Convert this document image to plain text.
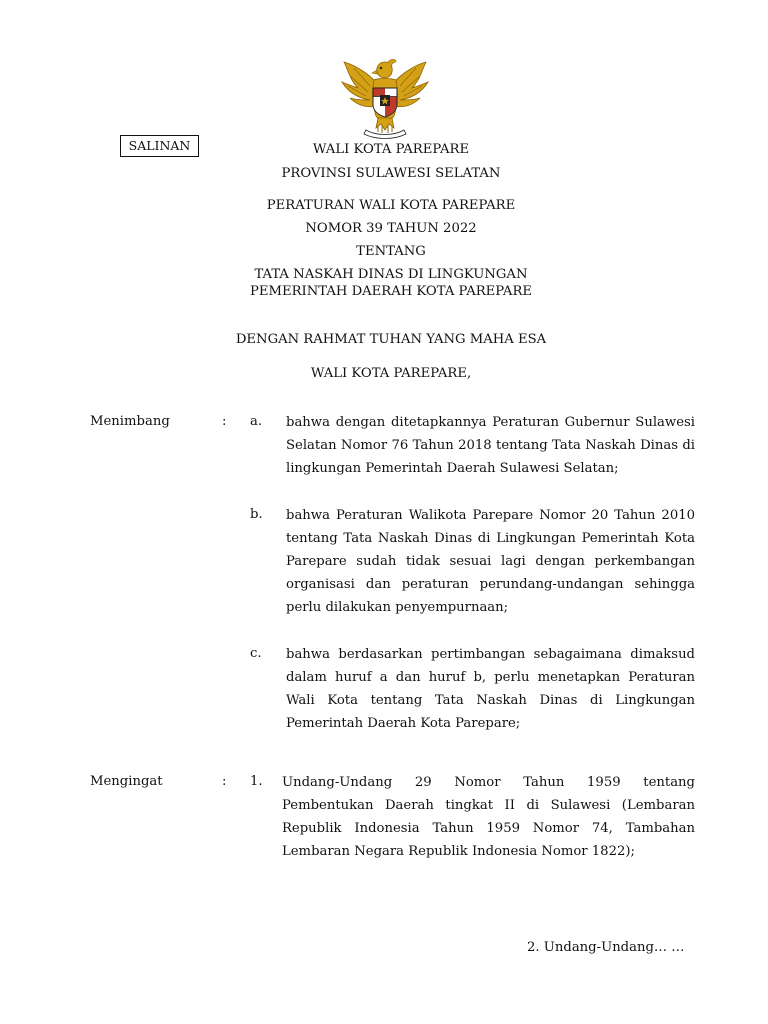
SALINAN	WALI KOTA PAREPARE
PROVINSI SULAWESI SELATAN
PERATURAN WALI KOTA PAREPARE
NOMOR 39 TAHUN 2022
TENTANG
TATA NASKAH DINAS DI LINGKUNGAN
PEMERINTAH DAERAH KOTA PAREPARE
DENGAN RAHMAT TUHAN YANG MAHA ESA
WALI KOTA PAREPARE,
Menimbang	: a. bahwa dengan ditetapkannya Peraturan Gubernur Sulawesi Selatan Nomor 76 Tahun 2018 tentang Tata Naskah Dinas di lingkungan Pemerintah Daerah Sulawesi Selatan;
b. bahwa Peraturan Walikota Parepare Nomor 20 Tahun 2010 tentang Tata Naskah Dinas di Lingkungan Pemerintah Kota Parepare sudah tidak sesuai lagi dengan perkembangan organisasi dan peraturan perundang-undangan sehingga perlu dilakukan penyempurnaan;
c. bahwa berdasarkan pertimbangan sebagaimana dimaksud dalam huruf a dan huruf b, perlu menetapkan Peraturan Wali Kota tentang Tata Naskah Dinas di Lingkungan Pemerintah Daerah Kota Parepare;
Mengingat	: 1. Undang-Undang 29 Nomor Tahun 1959 tentang Pembentukan Daerah tingkat II di Sulawesi (Lembaran Republik Indonesia Tahun 1959 Nomor 74, Tambahan Lembaran Negara Republik Indonesia Nomor 1822);
2. Undang-Undang… …
